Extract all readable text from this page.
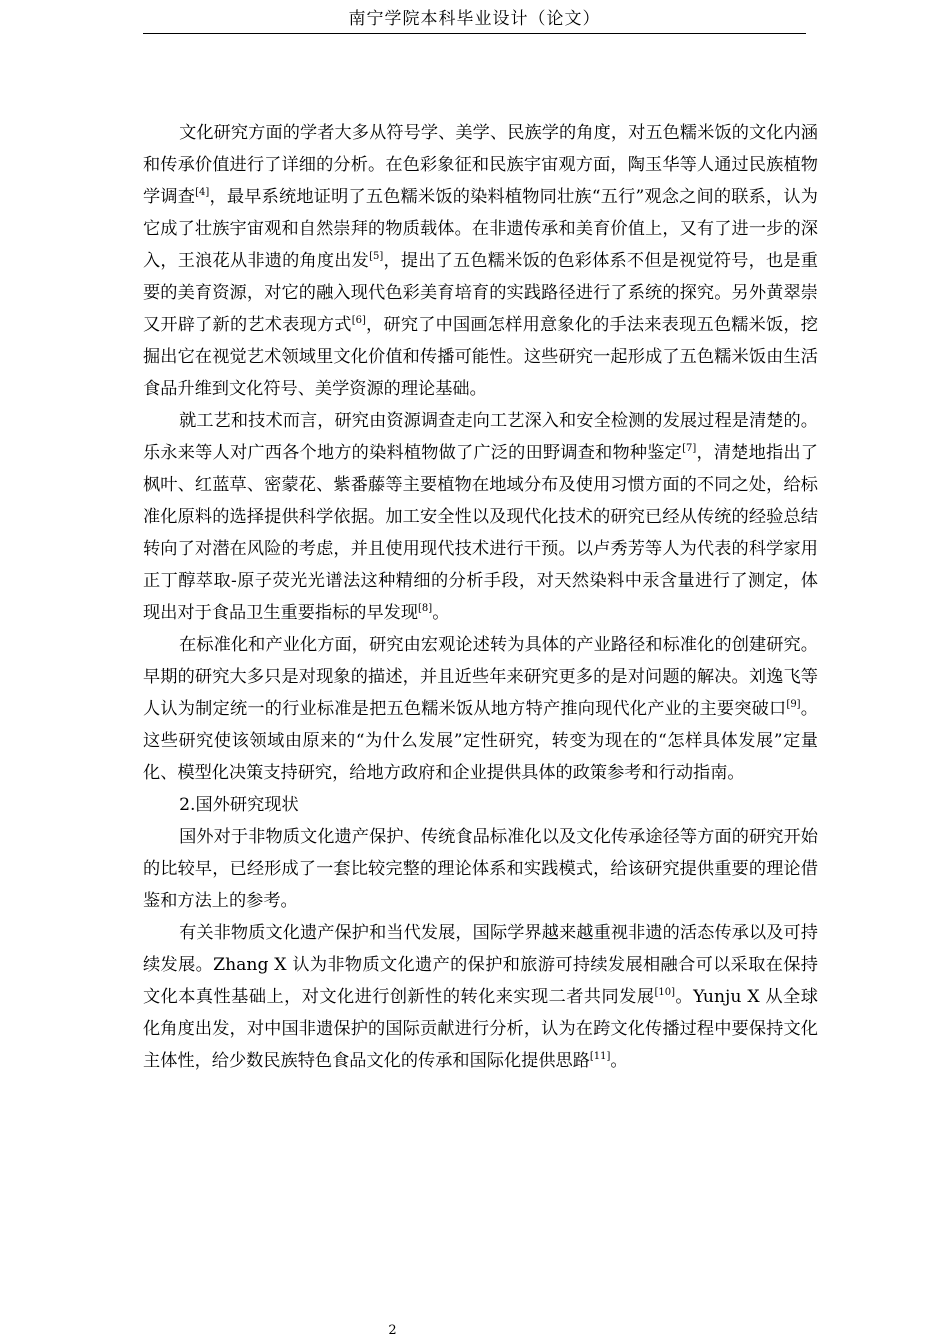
南宁学院本科毕业设计（论文）

文化研究方面的学者大多从符号学、美学、民族学的角度，对五色糯米饭的文化内涵和传承价值进行了详细的分析。在色彩象征和民族宇宙观方面，陶玉华等人通过民族植物学调查[4]，最早系统地证明了五色糯米饭的染料植物同壮族“五行”观念之间的联系，认为它成了壮族宇宙观和自然崇拜的物质载体。在非遗传承和美育价值上，又有了进一步的深入，王浪花从非遗的角度出发[5]，提出了五色糯米饭的色彩体系不但是视觉符号，也是重要的美育资源，对它的融入现代色彩美育培育的实践路径进行了系统的探究。另外黄翠崇又开辟了新的艺术表现方式[6]，研究了中国画怎样用意象化的手法来表现五色糯米饭，挖掘出它在视觉艺术领域里文化价值和传播可能性。这些研究一起形成了五色糯米饭由生活食品升维到文化符号、美学资源的理论基础。

就工艺和技术而言，研究由资源调查走向工艺深入和安全检测的发展过程是清楚的。乐永来等人对广西各个地方的染料植物做了广泛的田野调查和物种鉴定[7]，清楚地指出了枫叶、红蓝草、密蒙花、紫番藤等主要植物在地域分布及使用习惯方面的不同之处，给标准化原料的选择提供科学依据。加工安全性以及现代化技术的研究已经从传统的经验总结转向了对潜在风险的考虑，并且使用现代技术进行干预。以卢秀芳等人为代表的科学家用正丁醇萃取-原子荧光光谱法这种精细的分析手段，对天然染料中汞含量进行了测定，体现出对于食品卫生重要指标的早发现[8]。

在标准化和产业化方面，研究由宏观论述转为具体的产业路径和标准化的创建研究。早期的研究大多只是对现象的描述，并且近些年来研究更多的是对问题的解决。刘逸飞等人认为制定统一的行业标准是把五色糯米饭从地方特产推向现代化产业的主要突破口[9]。这些研究使该领域由原来的“为什么发展”定性研究，转变为现在的“怎样具体发展”定量化、模型化决策支持研究，给地方政府和企业提供具体的政策参考和行动指南。

2.国外研究现状

国外对于非物质文化遗产保护、传统食品标准化以及文化传承途径等方面的研究开始的比较早，已经形成了一套比较完整的理论体系和实践模式，给该研究提供重要的理论借鉴和方法上的参考。

有关非物质文化遗产保护和当代发展，国际学界越来越重视非遗的活态传承以及可持续发展。Zhang X 认为非物质文化遗产的保护和旅游可持续发展相融合可以采取在保持文化本真性基础上，对文化进行创新性的转化来实现二者共同发展[10]。Yunju X 从全球化角度出发，对中国非遗保护的国际贡献进行分析，认为在跨文化传播过程中要保持文化主体性，给少数民族特色食品文化的传承和国际化提供思路[11]。

2
